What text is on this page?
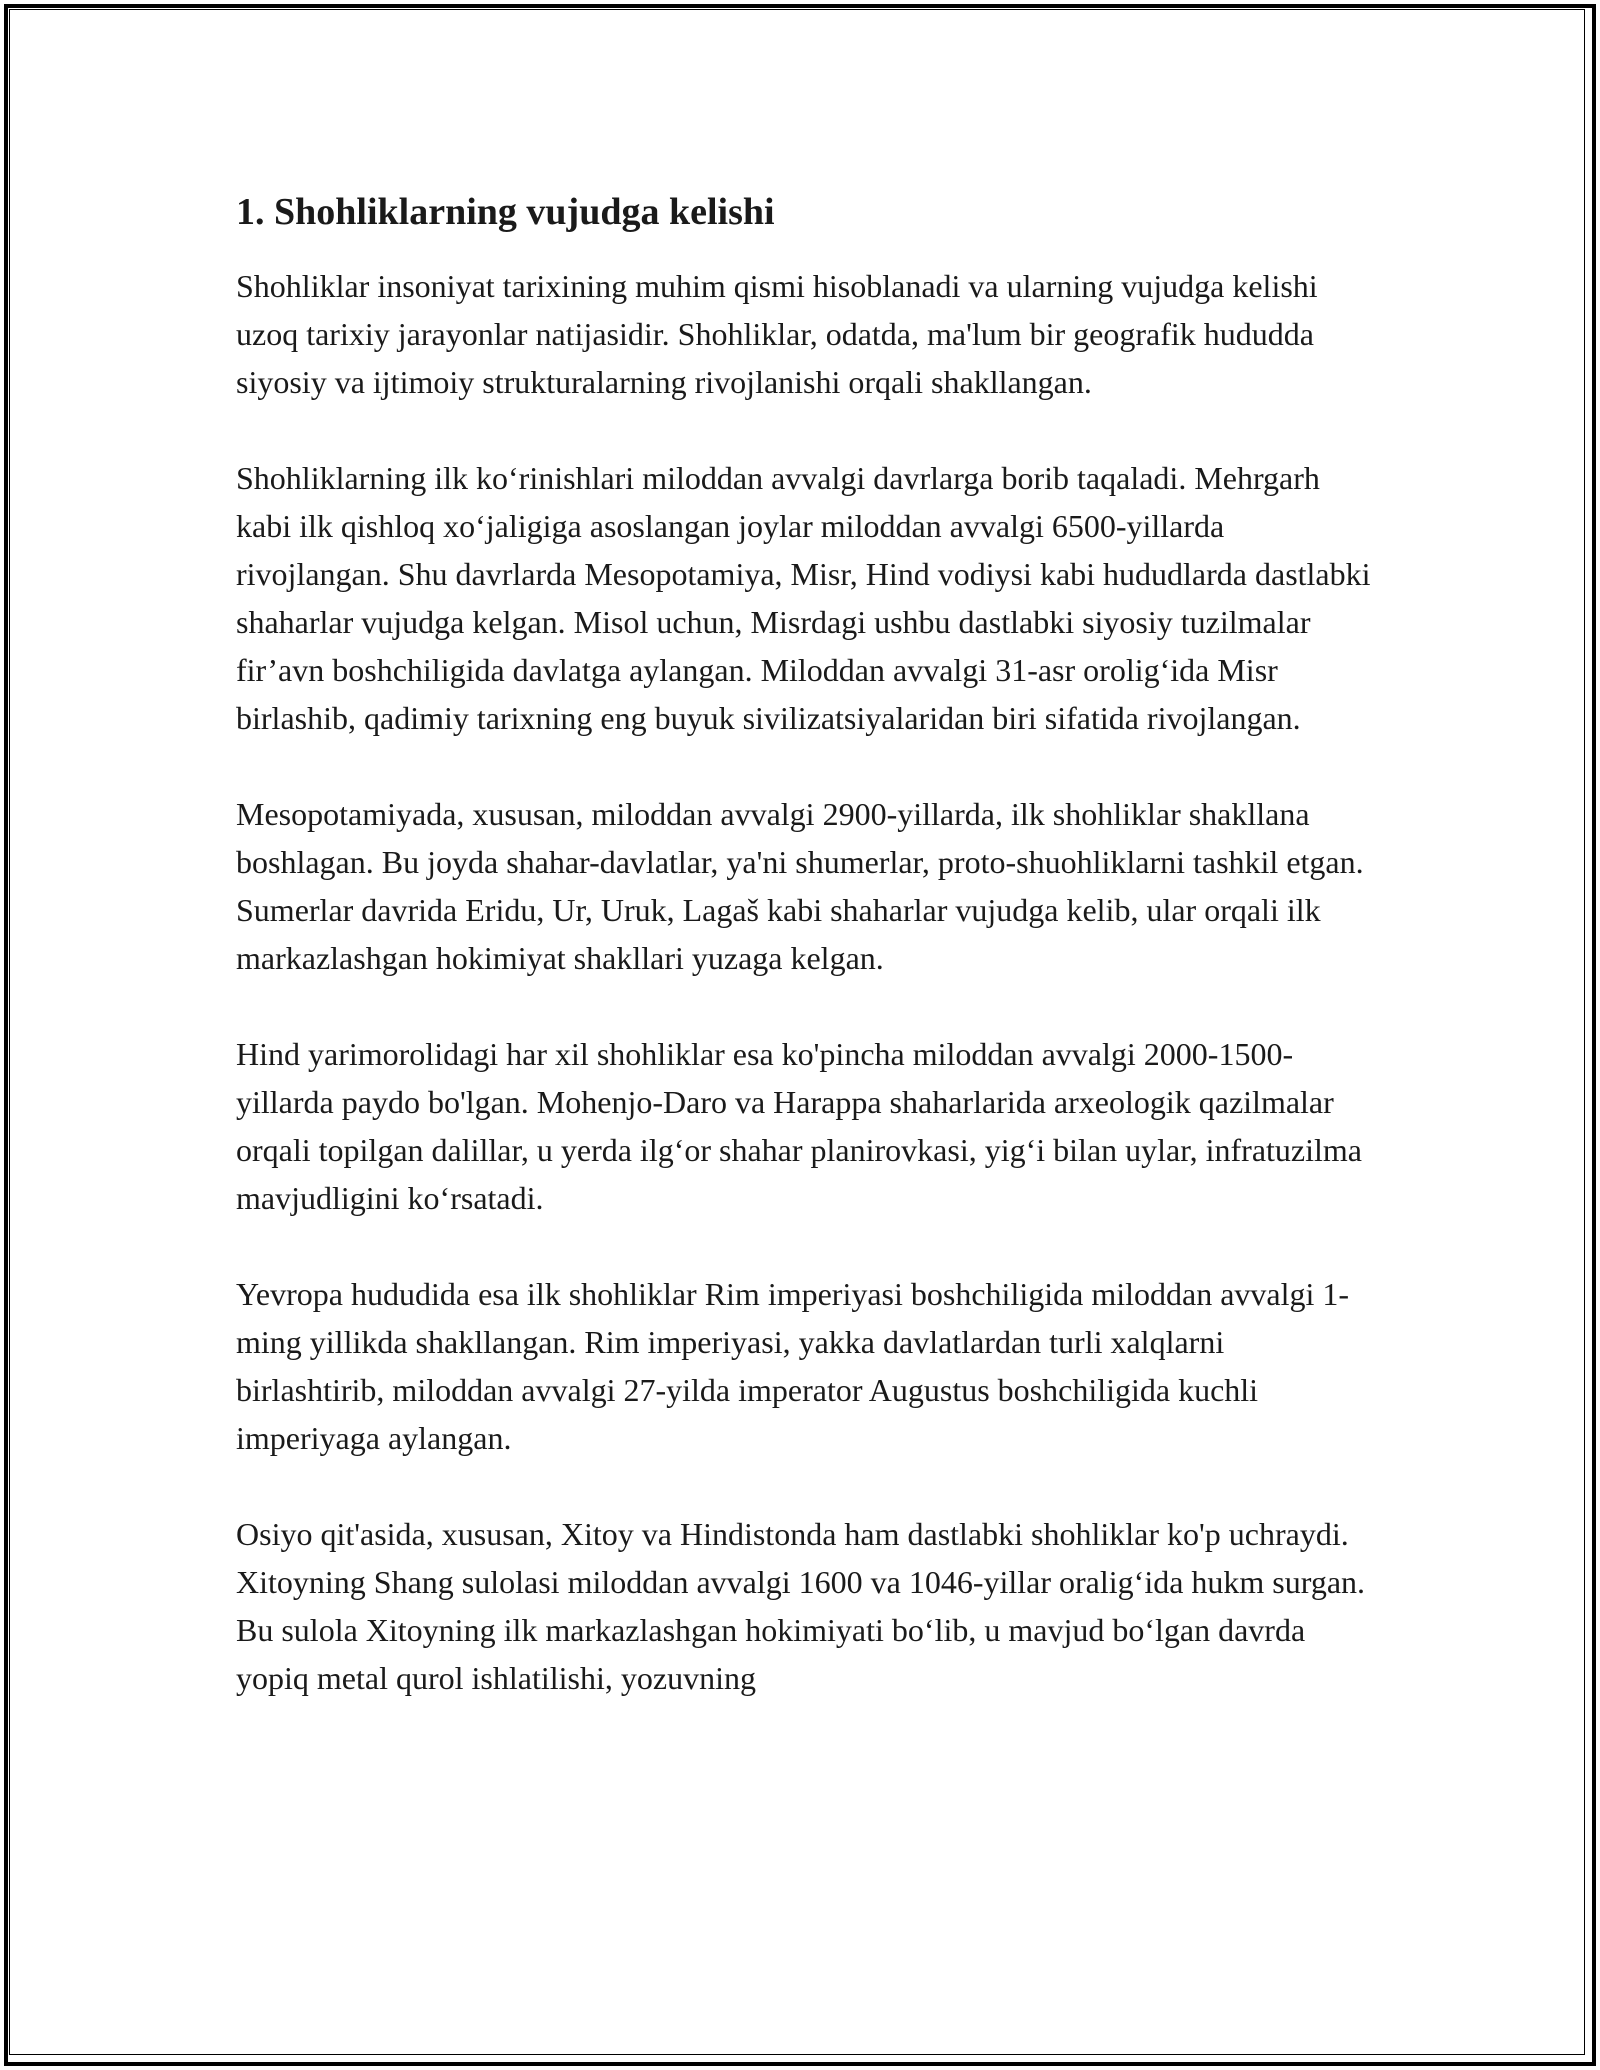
1. Shohliklarning vujudga kelishi

Shohliklar insoniyat tarixining muhim qismi hisoblanadi va ularning vujudga kelishi uzoq tarixiy jarayonlar natijasidir. Shohliklar, odatda, ma'lum bir geografik hududda siyosiy va ijtimoiy strukturalarning rivojlanishi orqali shakllangan.

Shohliklarning ilk ko‘rinishlari miloddan avvalgi davrlarga borib taqaladi. Mehrgarh kabi ilk qishloq xo‘jaligiga asoslangan joylar miloddan avvalgi 6500-yillarda rivojlangan. Shu davrlarda Mesopotamiya, Misr, Hind vodiysi kabi hududlarda dastlabki shaharlar vujudga kelgan. Misol uchun, Misrdagi ushbu dastlabki siyosiy tuzilmalar fir’avn boshchiligida davlatga aylangan. Miloddan avvalgi 31-asr orolig‘ida Misr birlashib, qadimiy tarixning eng buyuk sivilizatsiyalaridan biri sifatida rivojlangan.

Mesopotamiyada, xususan, miloddan avvalgi 2900-yillarda, ilk shohliklar shakllana boshlagan. Bu joyda shahar-davlatlar, ya'ni shumerlar, proto-shuohliklarni tashkil etgan. Sumerlar davrida Eridu, Ur, Uruk, Lagaš kabi shaharlar vujudga kelib, ular orqali ilk markazlashgan hokimiyat shakllari yuzaga kelgan.

Hind yarimorolidagi har xil shohliklar esa ko'pincha miloddan avvalgi 2000-1500-yillarda paydo bo'lgan. Mohenjo-Daro va Harappa shaharlarida arxeologik qazilmalar orqali topilgan dalillar, u yerda ilg‘or shahar planirovkasi, yig‘i bilan uylar, infratuzilma mavjudligini ko‘rsatadi.

Yevropa hududida esa ilk shohliklar Rim imperiyasi boshchiligida miloddan avvalgi 1-ming yillikda shakllangan. Rim imperiyasi, yakka davlatlardan turli xalqlarni birlashtirib, miloddan avvalgi 27-yilda imperator Augustus boshchiligida kuchli imperiyaga aylangan.

Osiyo qit'asida, xususan, Xitoy va Hindistonda ham dastlabki shohliklar ko'p uchraydi. Xitoyning Shang sulolasi miloddan avvalgi 1600 va 1046-yillar oralig‘ida hukm surgan. Bu sulola Xitoyning ilk markazlashgan hokimiyati bo‘lib, u mavjud bo‘lgan davrda yopiq metal qurol ishlatilishi, yozuvning
